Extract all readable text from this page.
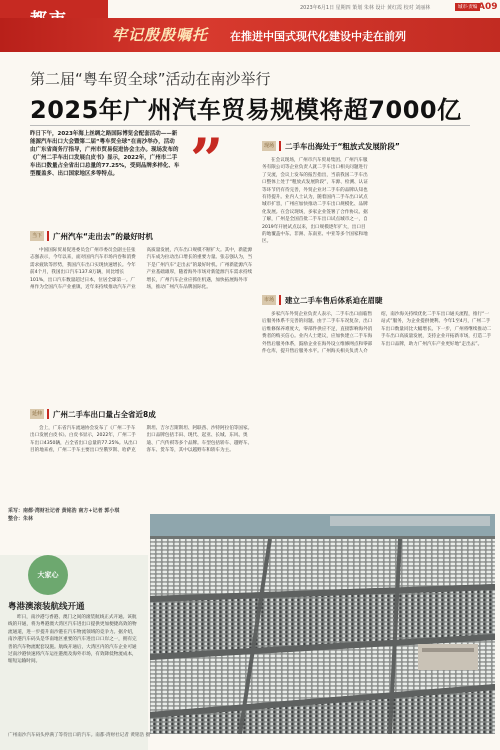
城市·责编
2023年6月1日 星期四 策划 朱林 设计 黄红霞 校对 刘丽林	A09
牢记殷殷嘱托 在推进中国式现代化建设中走在前列
第二届“粤车贸全球”活动在南沙举行
2025年广州汽车贸易规模将超7000亿
昨日下午，2023年海上丝绸之路国际博览会配套活动——新能源汽车出口大会暨第二届“粤车贸全球”在南沙举办，活动由广东省商务厅指导，广州市贸易促进协会主办。现场发布的《广州二手车出口发展白皮书》显示，2022年，广州市二手车出口数量占全省出口总量的77.25%，受到品牌多样化、车型覆盖多、出口国家地区多等特点。	”	现场 二手车出海处于“粗放式发展阶段”
在会议现场，广州市汽车贸易集团、广州汽车服务有限公司等企业负责人就二手车出口相关问题进行了交流，会议上发布的报告指出，当前我国二手车出口整体上处于“粗放式发展阶段”，车源、检测、认证等环节仍有待完善，外贸企业对二手车的品牌认知也有待提升。业内人士认为，随着国内二手车出口试点城市扩容，广州应加快推动二手车出口规模化、品牌化发展。在会议现场，多家企业签署了合作协议。据了解，广州是全国首批二手车出口试点城市之一，自2019年开展试点以来，出口规模逐年扩大，出口目的地覆盖中东、非洲、东南亚、中亚等多个国家和地区。
当下 广州汽车“走出去”的最好时机
中国国际贸易促进委员会广州市委员会副主任张志强表示，今年以来，面对国内汽车市场内卷和消费需求疲软等形势，我国汽车出口实现快速增长。今年前4个月，我国出口汽车137.8万辆，同比增长101%，出口汽车数量超过日本，位居全球第一。广州作为全国汽车产业重镇，近年来持续推动汽车产业高质量发展，汽车出口规模不断扩大。其中，新能源汽车成为拉动出口增长的重要力量。张志强认为，当下是广州汽车“走出去”的最好时机。广州新能源汽车产业基础雄厚，随着海外市场对新能源汽车需求持续增长，广州汽车企业应抓住机遇，加快拓展海外市场，推动广州汽车品牌国际化。
延伸 广州二手车出口量占全省近8成
会上，广东省汽车流通协会发布了《广州二手车出口发展白皮书》。白皮书显示，2022年，广州二手车出口4350辆，占全省出口总量的77.25%。从出口目的地来看，广州二手车主要出口至俄罗斯、哈萨克斯坦、吉尔吉斯斯坦、阿联酋、沙特阿拉伯等国家。出口品牌包括丰田、现代、起亚、长城、东风、奥迪、广汽传祺等多个品牌。车型包括轿车、越野车、客车、货车等，其中以越野车和轿车为主。
市场 建立二手车售后体系迫在眉睫
多家汽车外贸企业负责人表示，二手车出口面临售后服务体系不完善的问题。由于二手车车况复杂，出口后维修保养难度大，零部件供应不足，直接影响海外消费者的购买信心。业内人士建议，应加快建立二手车海外售后服务体系，鼓励企业在海外设立维修网点和零部件仓库，提升售后服务水平。广州海关相关负责人介绍，南沙海关持续优化二手车出口通关流程，推行“一站式”服务，为企业提供便利。今年1至4月，广州二手车出口数量同比大幅增长。下一步，广州将继续推动二手车出口高质量发展，支持企业开拓新市场，打造二手车出口品牌，助力广州汽车产业更好地“走出去”。
采写：南都·湾财社记者 黄铭浩 南方+记者 郭小琪
整合：朱林
大家心
粤港澳滚装航线开通
昨日，南沙港与香港、澳门之间的滚装航线正式开通。该航线的开通，将为粤港澳大湾区汽车进出口提供更加便捷高效的物流通道，进一步提升南沙港在汽车物流领域的竞争力。据介绍，南沙港汽车码头是华南地区重要的汽车进出口口岸之一，拥有完善的汽车物流配套设施。航线开通后，大湾区内的汽车企业可通过南沙港快速将汽车运往港澳及海外市场，有效降低物流成本，缩短运输时间。
广州南沙汽车码头停满了等待出口的汽车。南都·湾财社记者 黄铭浩 摄
